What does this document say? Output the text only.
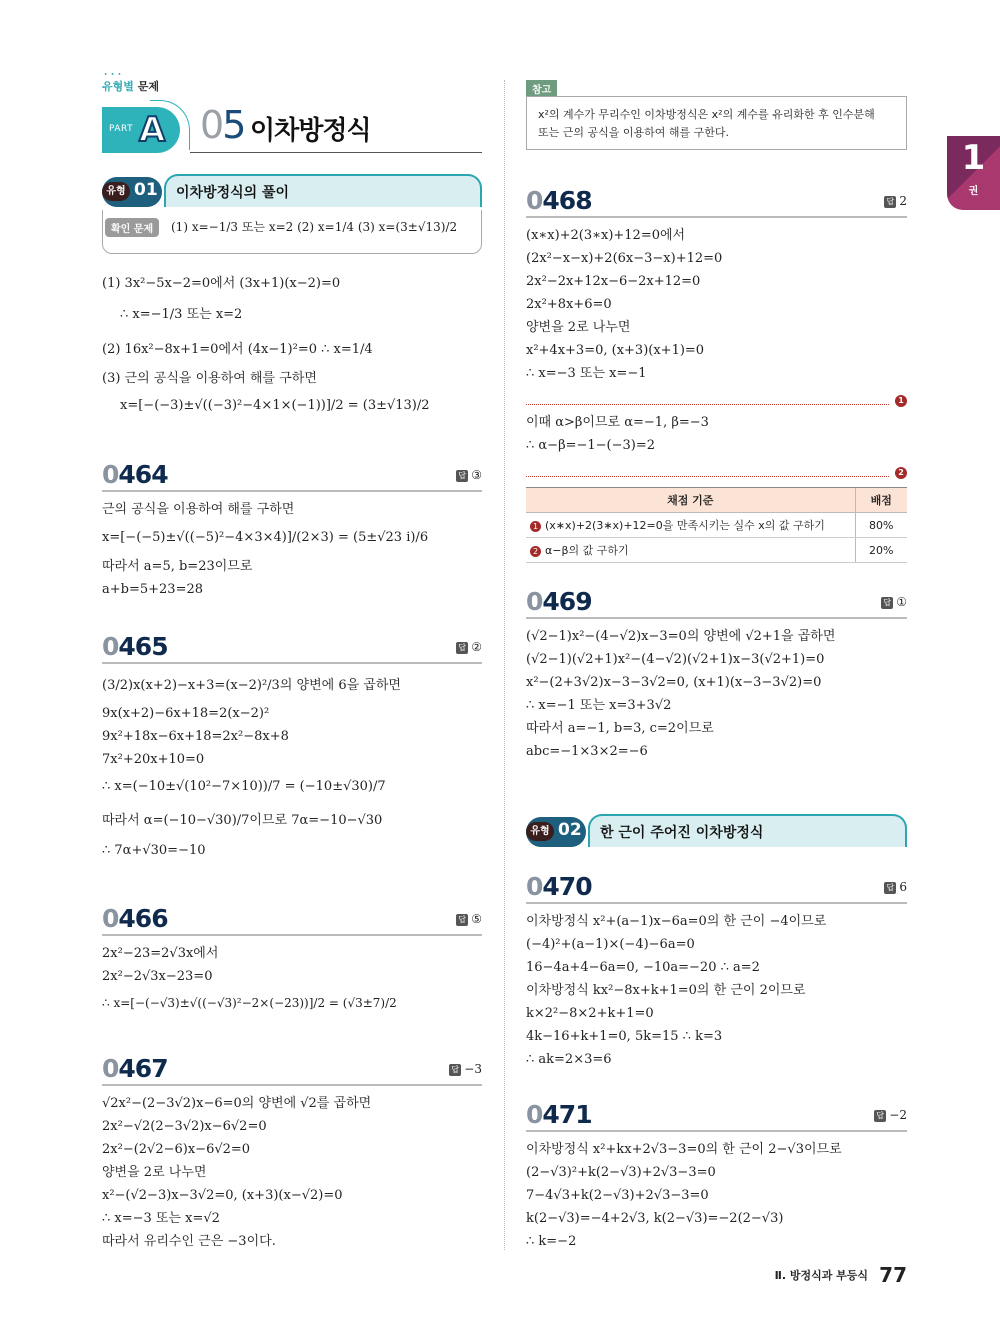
• • • 유형별 문제
PART A 05 이차방정식
1
권
유형 01 이차방정식의 풀이
확인 문제	(1) x=−1/3 또는 x=2 (2) x=1/4 (3) x=(3±√13)/2
(1) 3x²−5x−2=0에서 (3x+1)(x−2)=0
∴ x=−1/3 또는 x=2
(2) 16x²−8x+1=0에서 (4x−1)²=0 ∴ x=1/4
(3) 근의 공식을 이용하여 해를 구하면
x=[−(−3)±√((−3)²−4×1×(−1))]/2 = (3±√13)/2
0464	답 ③
근의 공식을 이용하여 해를 구하면
x=[−(−5)±√((−5)²−4×3×4)]/(2×3) = (5±√23 i)/6
따라서 a=5, b=23이므로
a+b=5+23=28
0465	답 ②
(3/2)x(x+2)−x+3=(x−2)²/3의 양변에 6을 곱하면
9x(x+2)−6x+18=2(x−2)²
9x²+18x−6x+18=2x²−8x+8
7x²+20x+10=0
∴ x=(−10±√(10²−7×10))/7 = (−10±√30)/7
따라서 α=(−10−√30)/7이므로 7α=−10−√30
∴ 7α+√30=−10
0466	답 ⑤
2x²−23=2√3x에서
2x²−2√3x−23=0
∴ x=[−(−√3)±√((−√3)²−2×(−23))]/2 = (√3±7)/2
0467	답 −3
√2x²−(2−3√2)x−6=0의 양변에 √2를 곱하면
2x²−√2(2−3√2)x−6√2=0
2x²−(2√2−6)x−6√2=0
양변을 2로 나누면
x²−(√2−3)x−3√2=0, (x+3)(x−√2)=0
∴ x=−3 또는 x=√2
따라서 유리수인 근은 −3이다.
참고
x²의 계수가 무리수인 이차방정식은 x²의 계수를 유리화한 후 인수분해
또는 근의 공식을 이용하여 해를 구한다.
0468	답 2
(x∗x)+2(3∗x)+12=0에서
(2x²−x−x)+2(6x−3−x)+12=0
2x²−2x+12x−6−2x+12=0
2x²+8x+6=0
양변을 2로 나누면
x²+4x+3=0, (x+3)(x+1)=0
∴ x=−3 또는 x=−1
1
이때 α>β이므로 α=−1, β=−3
∴ α−β=−1−(−3)=2
2
채점 기준	배점
1 (x∗x)+2(3∗x)+12=0을 만족시키는 실수 x의 값 구하기	80%
2 α−β의 값 구하기	20%
0469	답 ①
(√2−1)x²−(4−√2)x−3=0의 양변에 √2+1을 곱하면
(√2−1)(√2+1)x²−(4−√2)(√2+1)x−3(√2+1)=0
x²−(2+3√2)x−3−3√2=0, (x+1)(x−3−3√2)=0
∴ x=−1 또는 x=3+3√2
따라서 a=−1, b=3, c=2이므로
abc=−1×3×2=−6
유형 02 한 근이 주어진 이차방정식
0470	답 6
이차방정식 x²+(a−1)x−6a=0의 한 근이 −4이므로
(−4)²+(a−1)×(−4)−6a=0
16−4a+4−6a=0, −10a=−20 ∴ a=2
이차방정식 kx²−8x+k+1=0의 한 근이 2이므로
k×2²−8×2+k+1=0
4k−16+k+1=0, 5k=15 ∴ k=3
∴ ak=2×3=6
0471	답 −2
이차방정식 x²+kx+2√3−3=0의 한 근이 2−√3이므로
(2−√3)²+k(2−√3)+2√3−3=0
7−4√3+k(2−√3)+2√3−3=0
k(2−√3)=−4+2√3, k(2−√3)=−2(2−√3)
∴ k=−2
Ⅱ. 방정식과 부등식 77
